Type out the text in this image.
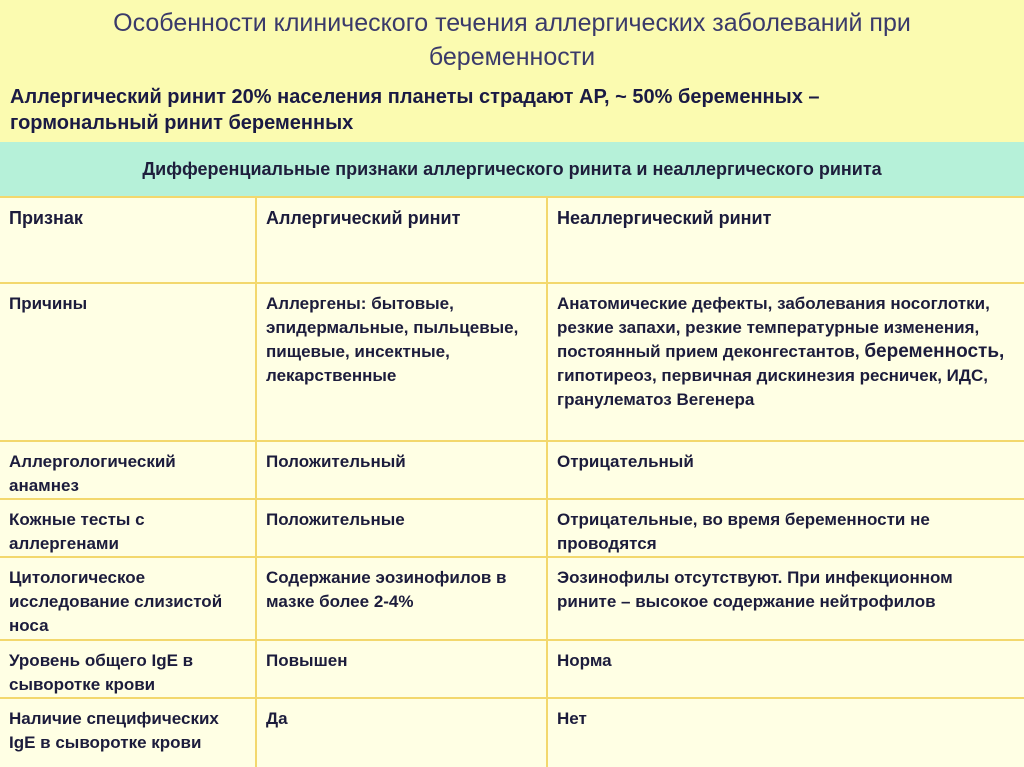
Особенности клинического течения аллергических заболеваний при
беременности
Аллергический ринит 20% населения планеты страдают АР, ~ 50% беременных –
гормональный ринит беременных
Дифференциальные признаки аллергического ринита и неаллергического ринита
Признак	Аллергический ринит	Неаллергический ринит
Причины	Аллергены: бытовые, эпидермальные, пыльцевые, пищевые, инсектные, лекарственные	Анатомические дефекты, заболевания носоглотки, резкие запахи, резкие температурные изменения, постоянный прием деконгестантов, беременность, гипотиреоз, первичная дискинезия ресничек, ИДС, гранулематоз Вегенера
Аллергологический анамнез	Положительный	Отрицательный
Кожные тесты с аллергенами	Положительные	Отрицательные, во время беременности не проводятся
Цитологическое исследование слизистой носа	Содержание эозинофилов в мазке более 2-4%	Эозинофилы отсутствуют. При инфекционном рините – высокое содержание нейтрофилов
Уровень общего IgE в сыворотке крови	Повышен	Норма
Наличие специфических IgE в сыворотке крови	Да	Нет
